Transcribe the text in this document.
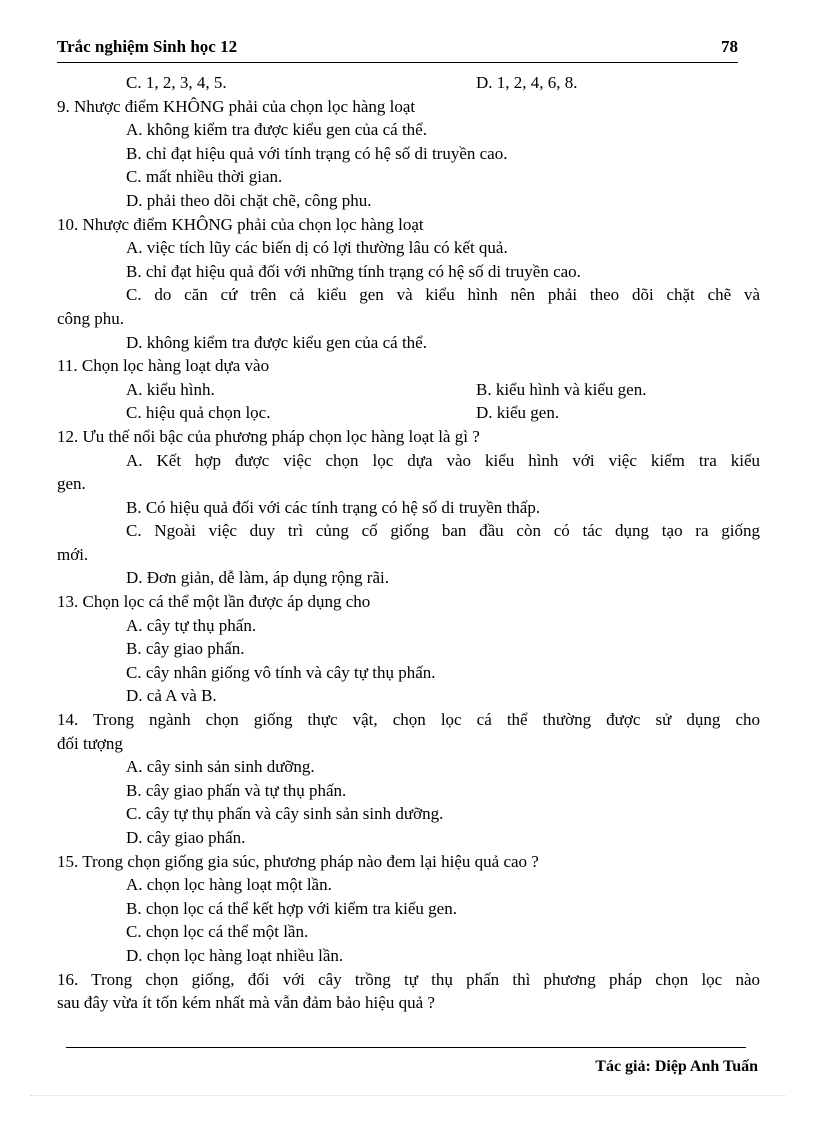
Trắc nghiệm Sinh học 12	78
C. 1, 2, 3, 4, 5.	D. 1, 2, 4, 6, 8.
9. Nhược điểm KHÔNG phải của chọn lọc hàng loạt
A. không kiểm tra được kiểu gen của cá thể.
B. chỉ đạt hiệu quả với tính trạng có hệ số di truyền cao.
C. mất nhiều thời gian.
D. phải theo dõi chặt chẽ, công phu.
10. Nhược điểm KHÔNG phải của chọn lọc hàng loạt
A. việc tích lũy các biến dị có lợi thường lâu có kết quả.
B. chỉ đạt hiệu quả đối với những tính trạng có hệ số di truyền cao.
C. do căn cứ trên cả kiểu gen và kiểu hình nên phải theo dõi chặt chẽ và
công phu.
D. không kiểm tra được kiểu gen của cá thể.
11. Chọn lọc hàng loạt dựa vào
A. kiểu hình.	B. kiểu hình và kiểu gen.
C. hiệu quả chọn lọc.	D. kiểu gen.
12. Ưu thế nổi bậc của phương pháp chọn lọc hàng loạt là gì ?
A. Kết hợp được việc chọn lọc dựa vào kiểu hình với việc kiểm tra kiểu
gen.
B. Có hiệu quả đối với các tính trạng có hệ số di truyền thấp.
C. Ngoài việc duy trì củng cố giống ban đầu còn có tác dụng tạo ra giống
mới.
D. Đơn giản, dễ làm, áp dụng rộng rãi.
13. Chọn lọc cá thể một lần được áp dụng cho
A. cây tự thụ phấn.
B. cây giao phấn.
C. cây nhân giống vô tính và cây tự thụ phấn.
D. cả A và B.
14. Trong ngành chọn giống thực vật, chọn lọc cá thể thường được sử dụng cho
đối tượng
A. cây sinh sản sinh dưỡng.
B. cây giao phấn và tự thụ phấn.
C. cây tự thụ phấn và cây sinh sản sinh dưỡng.
D. cây giao phấn.
15. Trong chọn giống gia súc, phương pháp nào đem lại hiệu quả cao ?
A. chọn lọc hàng loạt một lần.
B. chọn lọc cá thể kết hợp với kiểm tra kiểu gen.
C. chọn lọc cá thể một lần.
D. chọn lọc hàng loạt nhiều lần.
16. Trong chọn giống, đối với cây trồng tự thụ phấn thì phương pháp chọn lọc nào
sau đây vừa ít tốn kém nhất mà vẫn đảm bảo hiệu quả ?
Tác giả: Diệp Anh Tuấn
